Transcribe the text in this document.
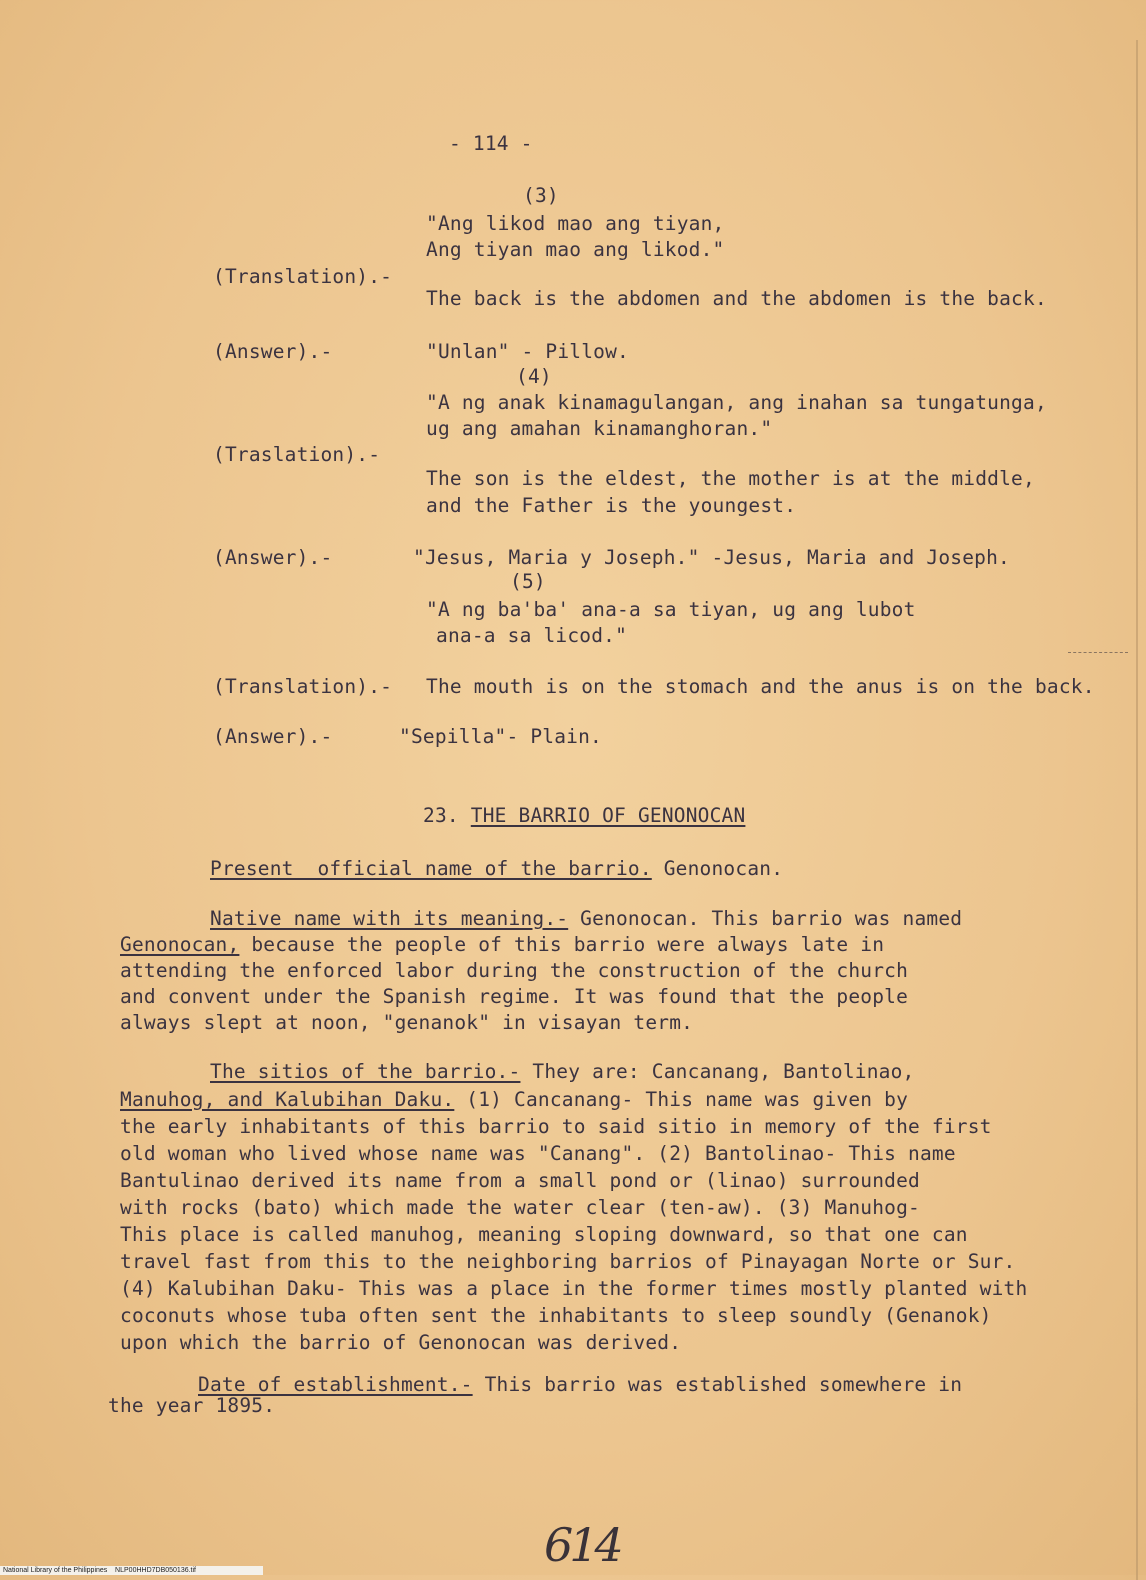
- 114 -
(3)
"Ang likod mao ang tiyan,
Ang tiyan mao ang likod."
(Translation).-
The back is the abdomen and the abdomen is the back.
(Answer).-	"Unlan" - Pillow.
(4)
"A ng anak kinamagulangan, ang inahan sa tungatunga,
ug ang amahan kinamanghoran."
(Traslation).-
The son is the eldest, the mother is at the middle,
and the Father is the youngest.
(Answer).-	"Jesus, Maria y Joseph." -Jesus, Maria and Joseph.
(5)
"A ng ba'ba' ana-a sa tiyan, ug ang lubot
ana-a sa licod."
(Translation).- The mouth is on the stomach and the anus is on the back.
(Answer).-	"Sepilla"- Plain.
23. THE BARRIO OF GENONOCAN
Present  official name of the barrio. Genonocan.
Native name with its meaning.- Genonocan. This barrio was named
Genonocan, because the people of this barrio were always late in
attending the enforced labor during the construction of the church
and convent under the Spanish regime. It was found that the people
always slept at noon, "genanok" in visayan term.
The sitios of the barrio.- They are: Cancanang, Bantolinao,
Manuhog, and Kalubihan Daku. (1) Cancanang- This name was given by
the early inhabitants of this barrio to said sitio in memory of the first
old woman who lived whose name was "Canang". (2) Bantolinao- This name
Bantulinao derived its name from a small pond or (linao) surrounded
with rocks (bato) which made the water clear (ten-aw). (3) Manuhog-
This place is called manuhog, meaning sloping downward, so that one can
travel fast from this to the neighboring barrios of Pinayagan Norte or Sur.
(4) Kalubihan Daku- This was a place in the former times mostly planted with
coconuts whose tuba often sent the inhabitants to sleep soundly (Genanok)
upon which the barrio of Genonocan was derived.
Date of establishment.- This barrio was established somewhere in
the year 1895.
614
National Library of the Philippines    NLP00HHD7DB050136.tif
